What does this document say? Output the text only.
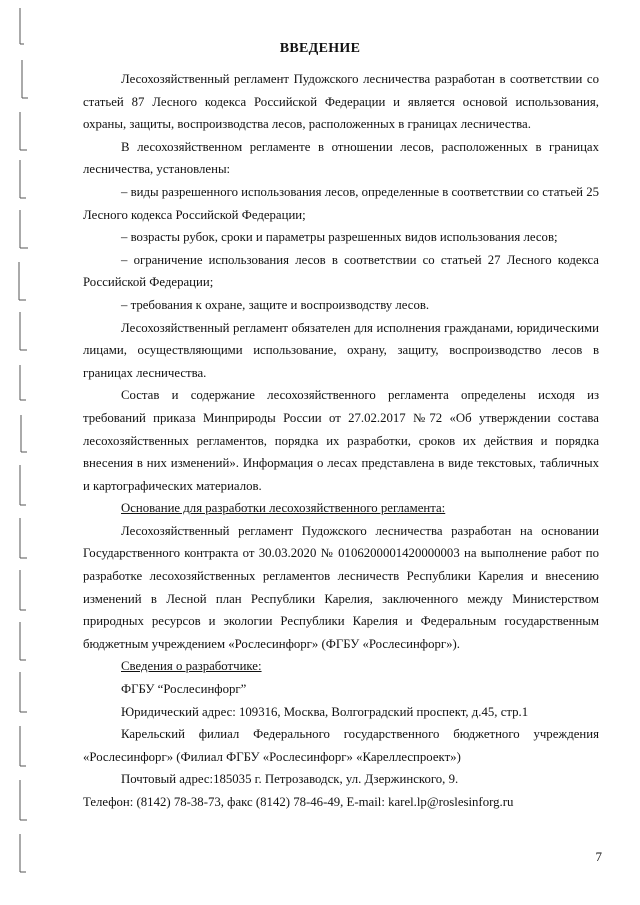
ВВЕДЕНИЕ

Лесохозяйственный регламент Пудожского лесничества разработан в соответствии со статьей 87 Лесного кодекса Российской Федерации и является основой использования, охраны, защиты, воспроизводства лесов, расположенных в границах лесничества.

В лесохозяйственном регламенте в отношении лесов, расположенных в границах лесничества, установлены:

– виды разрешенного использования лесов, определенные в соответствии со статьей 25 Лесного кодекса Российской Федерации;

– возрасты рубок, сроки и параметры разрешенных видов использования лесов;

– ограничение использования лесов в соответствии со статьей 27 Лесного кодекса Российской Федерации;

– требования к охране, защите и воспроизводству лесов.

Лесохозяйственный регламент обязателен для исполнения гражданами, юридическими лицами, осуществляющими использование, охрану, защиту, воспроизводство лесов в границах лесничества.

Состав и содержание лесохозяйственного регламента определены исходя из требований приказа Минприроды России от 27.02.2017 №72 «Об утверждении состава лесохозяйственных регламентов, порядка их разработки, сроков их действия и порядка внесения в них изменений». Информация о лесах представлена в виде текстовых, табличных и картографических материалов.

Основание для разработки лесохозяйственного регламента:

Лесохозяйственный регламент Пудожского лесничества разработан на основании Государственного контракта от 30.03.2020 № 0106200001420000003 на выполнение работ по разработке лесохозяйственных регламентов лесничеств Республики Карелия и внесению изменений в Лесной план Республики Карелия, заключенного между Министерством природных ресурсов и экологии Республики Карелия и Федеральным государственным бюджетным учреждением «Рослесинфорг» (ФГБУ «Рослесинфорг»).

Сведения о разработчике:

ФГБУ “Рослесинфорг”

Юридический адрес: 109316, Москва, Волгоградский проспект, д.45, стр.1

Карельский филиал Федерального государственного бюджетного учреждения «Рослесинфорг» (Филиал ФГБУ «Рослесинфорг» «Кареллеспроект»)

Почтовый адрес:185035 г. Петрозаводск, ул. Дзержинского, 9.

Телефон: (8142) 78-38-73, факс (8142) 78-46-49, E-mail: karel.lp@roslesinforg.ru

7
